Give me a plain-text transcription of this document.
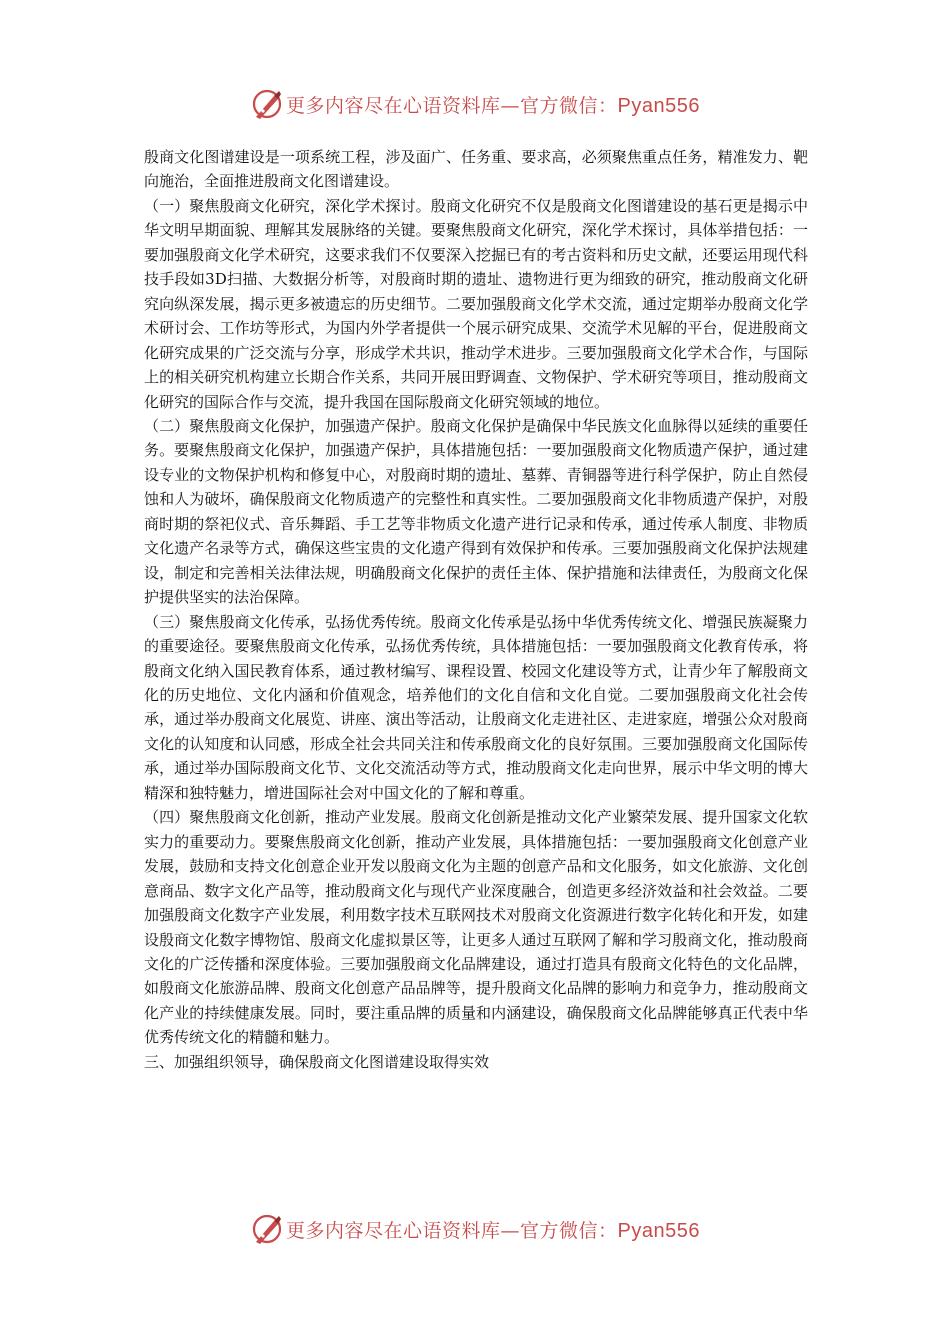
更多内容尽在心语资料库—官方微信：Pyan556

殷商文化图谱建设是一项系统工程，涉及面广、任务重、要求高，必须聚焦重点任务，精准发力、靶向施治，全面推进殷商文化图谱建设。

（一）聚焦殷商文化研究，深化学术探讨。殷商文化研究不仅是殷商文化图谱建设的基石更是揭示中华文明早期面貌、理解其发展脉络的关键。要聚焦殷商文化研究，深化学术探讨，具体举措包括：一要加强殷商文化学术研究，这要求我们不仅要深入挖掘已有的考古资料和历史文献，还要运用现代科技手段如3D扫描、大数据分析等，对殷商时期的遗址、遗物进行更为细致的研究，推动殷商文化研究向纵深发展，揭示更多被遗忘的历史细节。二要加强殷商文化学术交流，通过定期举办殷商文化学术研讨会、工作坊等形式，为国内外学者提供一个展示研究成果、交流学术见解的平台，促进殷商文化研究成果的广泛交流与分享，形成学术共识，推动学术进步。三要加强殷商文化学术合作，与国际上的相关研究机构建立长期合作关系，共同开展田野调查、文物保护、学术研究等项目，推动殷商文化研究的国际合作与交流，提升我国在国际殷商文化研究领域的地位。

（二）聚焦殷商文化保护，加强遗产保护。殷商文化保护是确保中华民族文化血脉得以延续的重要任务。要聚焦殷商文化保护，加强遗产保护，具体措施包括：一要加强殷商文化物质遗产保护，通过建设专业的文物保护机构和修复中心，对殷商时期的遗址、墓葬、青铜器等进行科学保护，防止自然侵蚀和人为破坏，确保殷商文化物质遗产的完整性和真实性。二要加强殷商文化非物质遗产保护，对殷商时期的祭祀仪式、音乐舞蹈、手工艺等非物质文化遗产进行记录和传承，通过传承人制度、非物质文化遗产名录等方式，确保这些宝贵的文化遗产得到有效保护和传承。三要加强殷商文化保护法规建设，制定和完善相关法律法规，明确殷商文化保护的责任主体、保护措施和法律责任，为殷商文化保护提供坚实的法治保障。

（三）聚焦殷商文化传承，弘扬优秀传统。殷商文化传承是弘扬中华优秀传统文化、增强民族凝聚力的重要途径。要聚焦殷商文化传承，弘扬优秀传统，具体措施包括：一要加强殷商文化教育传承，将殷商文化纳入国民教育体系，通过教材编写、课程设置、校园文化建设等方式，让青少年了解殷商文化的历史地位、文化内涵和价值观念，培养他们的文化自信和文化自觉。二要加强殷商文化社会传承，通过举办殷商文化展览、讲座、演出等活动，让殷商文化走进社区、走进家庭，增强公众对殷商文化的认知度和认同感，形成全社会共同关注和传承殷商文化的良好氛围。三要加强殷商文化国际传承，通过举办国际殷商文化节、文化交流活动等方式，推动殷商文化走向世界，展示中华文明的博大精深和独特魅力，增进国际社会对中国文化的了解和尊重。

（四）聚焦殷商文化创新，推动产业发展。殷商文化创新是推动文化产业繁荣发展、提升国家文化软实力的重要动力。要聚焦殷商文化创新，推动产业发展，具体措施包括：一要加强殷商文化创意产业发展，鼓励和支持文化创意企业开发以殷商文化为主题的创意产品和文化服务，如文化旅游、文化创意商品、数字文化产品等，推动殷商文化与现代产业深度融合，创造更多经济效益和社会效益。二要加强殷商文化数字产业发展，利用数字技术互联网技术对殷商文化资源进行数字化转化和开发，如建设殷商文化数字博物馆、殷商文化虚拟景区等，让更多人通过互联网了解和学习殷商文化，推动殷商文化的广泛传播和深度体验。三要加强殷商文化品牌建设，通过打造具有殷商文化特色的文化品牌，如殷商文化旅游品牌、殷商文化创意产品品牌等，提升殷商文化品牌的影响力和竞争力，推动殷商文化产业的持续健康发展。同时，要注重品牌的质量和内涵建设，确保殷商文化品牌能够真正代表中华优秀传统文化的精髓和魅力。

三、加强组织领导，确保殷商文化图谱建设取得实效

更多内容尽在心语资料库—官方微信：Pyan556
